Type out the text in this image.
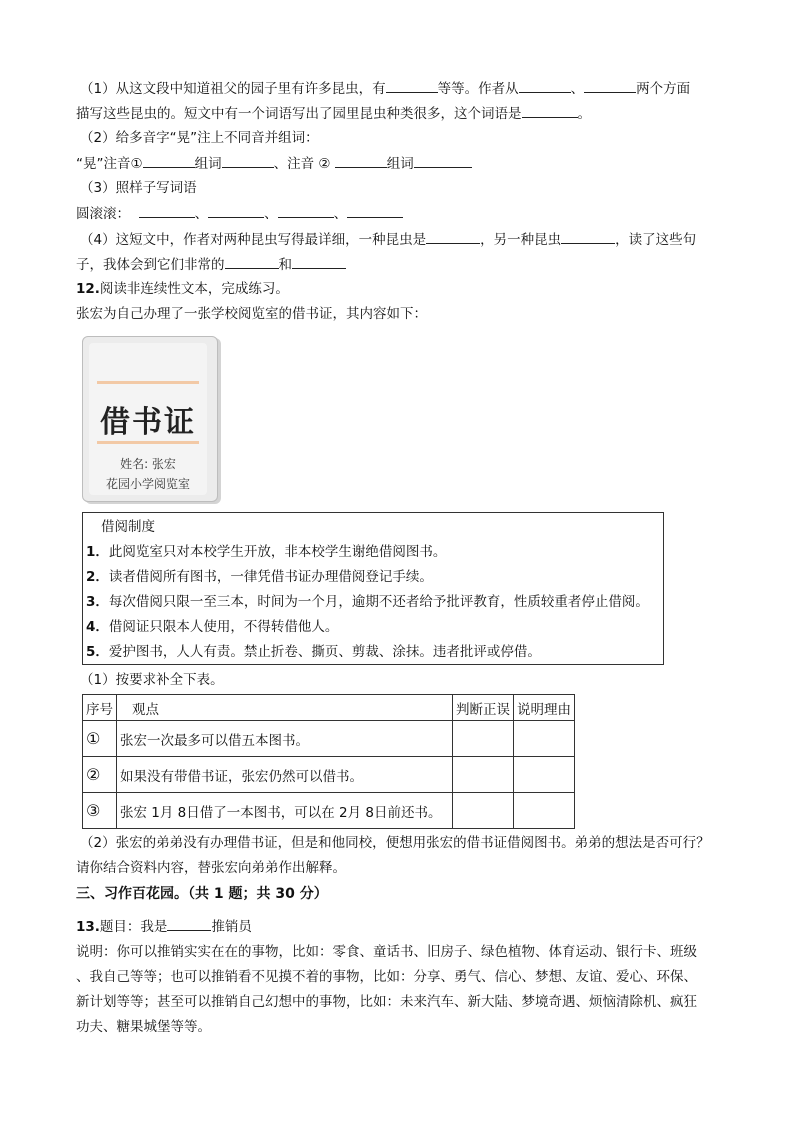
（1）从这文段中知道祖父的园子里有许多昆虫，有	等等。作者从	、	两个方面
描写这些昆虫的。短文中有一个词语写出了园里昆虫种类很多，这个词语是	。
（2）给多音字“晃”注上不同音并组词：
“晃”注音①	组词	、注音 ②	组词
（3）照样子写词语
圆滚滚：	、	、	、
（4）这短文中，作者对两种昆虫写得最详细，一种昆虫是	，另一种昆虫	，读了这些句
子，我体会到它们非常的	和
12.阅读非连续性文本，完成练习。
张宏为自己办理了一张学校阅览室的借书证，其内容如下：
借书证
姓名: 张宏
花园小学阅览室
借阅制度
1．此阅览室只对本校学生开放，非本校学生谢绝借阅图书。
2．读者借阅所有图书，一律凭借书证办理借阅登记手续。
3．每次借阅只限一至三本，时间为一个月，逾期不还者给予批评教育，性质较重者停止借阅。
4．借阅证只限本人使用，不得转借他人。
5．爱护图书，人人有责。禁止折卷、撕页、剪裁、涂抹。违者批评或停借。
（1）按要求补全下表。
序号	观点	判断正误	说明理由
①	张宏一次最多可以借五本图书。		
②	如果没有带借书证，张宏仍然可以借书。		
③	张宏 1月 8日借了一本图书，可以在 2月 8日前还书。		
（2）张宏的弟弟没有办理借书证，但是和他同校，便想用张宏的借书证借阅图书。弟弟的想法是否可行？
请你结合资料内容，替张宏向弟弟作出解释。
三、习作百花园。（共 1 题；共 30 分）
13.题目：我是	推销员
说明：你可以推销实实在在的事物，比如：零食、童话书、旧房子、绿色植物、体育运动、银行卡、班级
、我自己等等；也可以推销看不见摸不着的事物，比如：分享、勇气、信心、梦想、友谊、爱心、环保、
新计划等等；甚至可以推销自己幻想中的事物，比如：未来汽车、新大陆、梦境奇遇、烦恼清除机、疯狂
功夫、糖果城堡等等。
